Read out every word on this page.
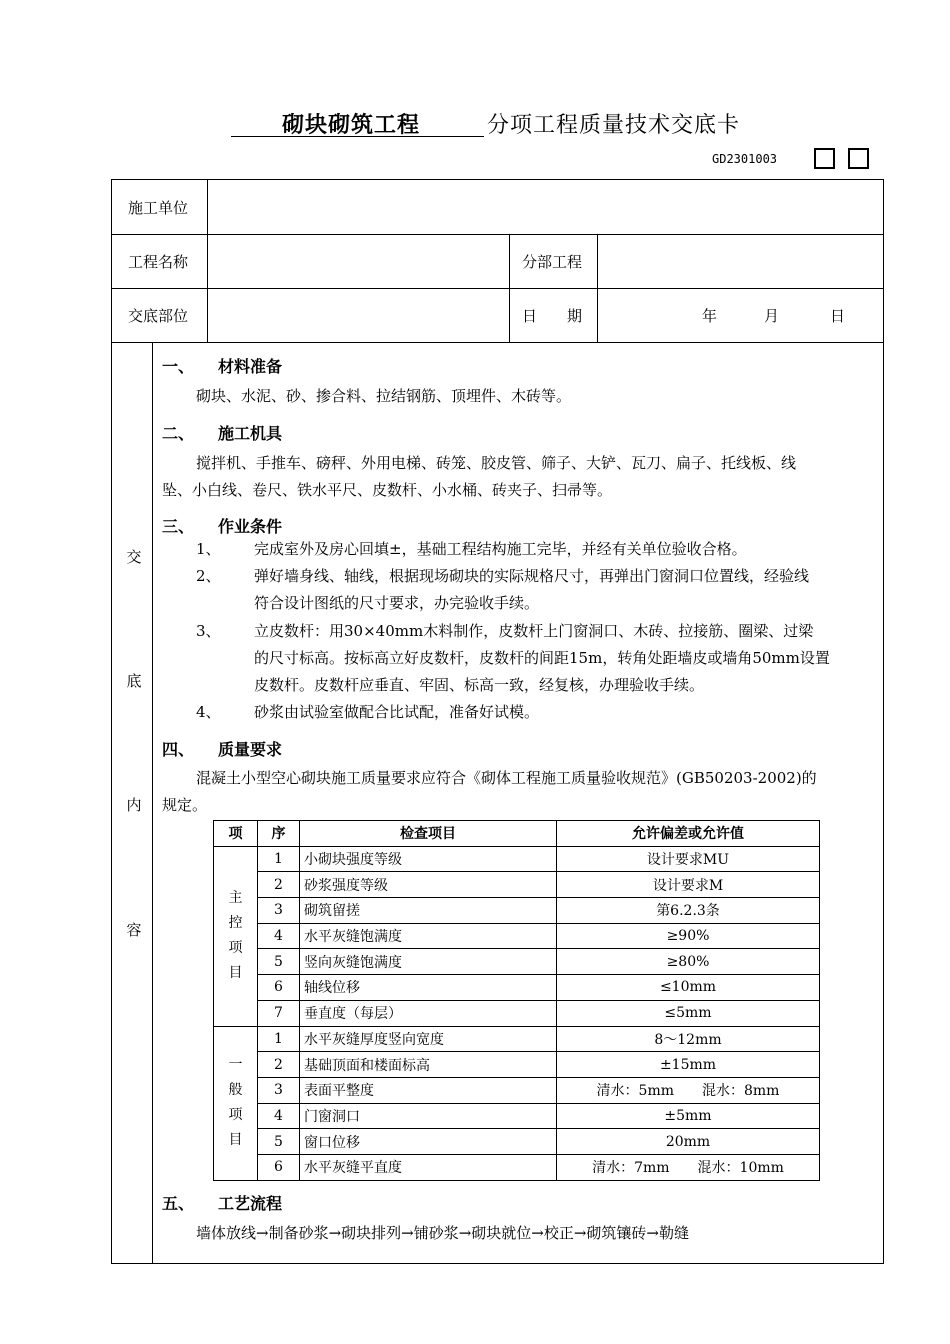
砌块砌筑工程	分项工程质量技术交底卡
GD2301003
施工单位
工程名称	分部工程
交底部位	日　　期	年	月	日
交
底
内
容
一、 材料准备
砌块、水泥、砂、掺合料、拉结钢筋、顶埋件、木砖等。
二、 施工机具
搅拌机、手推车、磅秤、外用电梯、砖笼、胶皮管、筛子、大铲、瓦刀、扁子、托线板、线
坠、小白线、卷尺、铁水平尺、皮数杆、小水桶、砖夹子、扫帚等。
三、 作业条件
1、 完成室外及房心回填±，基础工程结构施工完毕，并经有关单位验收合格。
2、 弹好墙身线、轴线，根据现场砌块的实际规格尺寸，再弹出门窗洞口位置线，经验线
符合设计图纸的尺寸要求，办完验收手续。
3、 立皮数杆：用30×40mm木料制作，皮数杆上门窗洞口、木砖、拉接筋、圈梁、过梁
的尺寸标高。按标高立好皮数杆，皮数杆的间距15m，转角处距墙皮或墙角50mm设置
皮数杆。皮数杆应垂直、牢固、标高一致，经复核，办理验收手续。
4、 砂浆由试验室做配合比试配，准备好试模。
四、 质量要求
混凝土小型空心砌块施工质量要求应符合《砌体工程施工质量验收规范》(GB50203-2002)的
规定。
项	序	检查项目	允许偏差或允许值

主
控
项
目	1	小砌块强度等级	设计要求MU
	2	砂浆强度等级	设计要求M
	3	砌筑留搓	第6.2.3条
	4	水平灰缝饱满度	≥90%
	5	竖向灰缝饱满度	≥80%
	6	轴线位移	≤10mm
	7	垂直度（每层）	≤5mm

一
般
项
目	1	水平灰缝厚度竖向宽度	8～12mm
	2	基础顶面和楼面标高	±15mm
	3	表面平整度	清水：5mm　　混水：8mm
	4	门窗洞口	±5mm
	5	窗口位移	20mm
	6	水平灰缝平直度	清水：7mm　　混水：10mm
五、 工艺流程
墙体放线→制备砂浆→砌块排列→铺砂浆→砌块就位→校正→砌筑镶砖→勒缝
